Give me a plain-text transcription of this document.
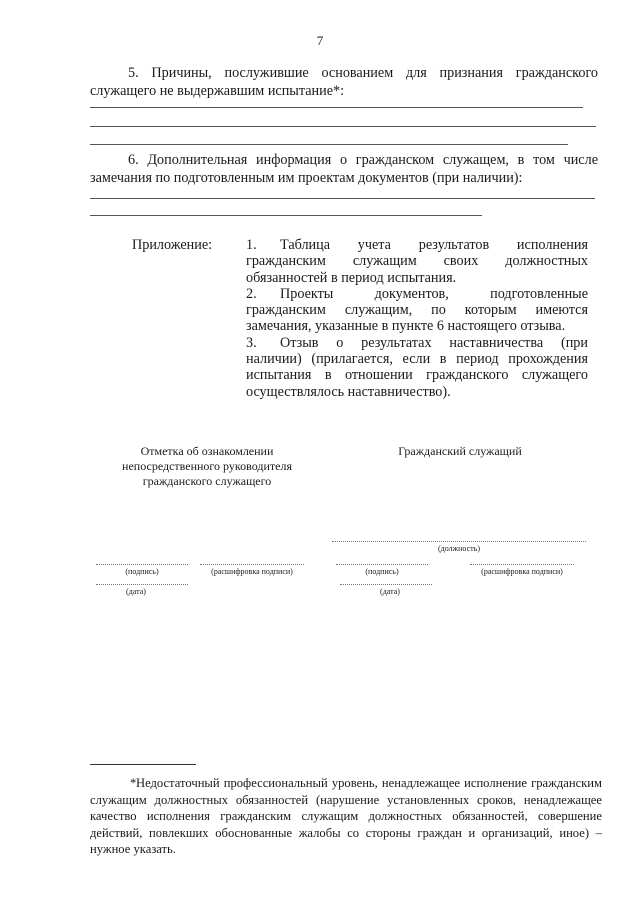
7
5. Причины, послужившие основанием для признания гражданского служащего не выдержавшим испытание*:
6. Дополнительная информация о гражданском служащем, в том числе замечания по подготовленным им проектам документов (при наличии):
Приложение: 1. Таблица учета результатов исполнения гражданским служащим своих должностных обязанностей в период испытания.

2. Проекты документов, подготовленные гражданским служащим, по которым имеются замечания, указанные в пункте 6 настоящего отзыва.

3. Отзыв о результатах наставничества (при наличии) (прилагается, если в период прохождения испытания в отношении гражданского служащего осуществлялось наставничество).

Отметка об ознакомлении непосредственного руководителя гражданского служащего
Гражданский служащий
(должность)
(подпись)	(расшифровка подписи)	(подпись)	(расшифровка подписи)
(дата)	(дата)
*Недостаточный профессиональный уровень, ненадлежащее исполнение гражданским служащим должностных обязанностей (нарушение установленных сроков, ненадлежащее качество исполнения гражданским служащим должностных обязанностей, совершение действий, повлекших обоснованные жалобы со стороны граждан и организаций, иное) – нужное указать.
